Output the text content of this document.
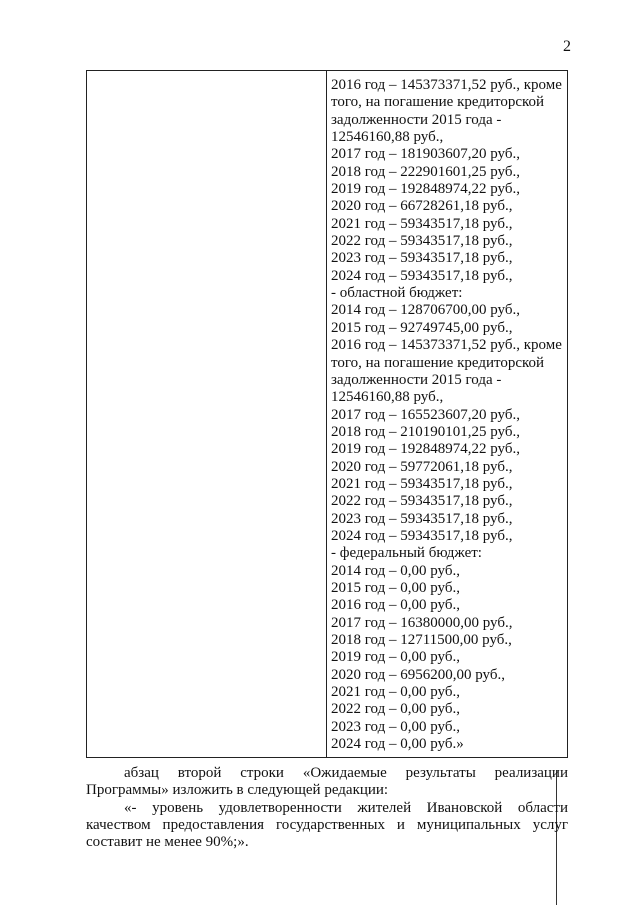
2
2016 год – 145373371,52 руб., кроме
того, на погашение кредиторской
задолженности 2015 года -
12546160,88 руб.,
2017 год – 181903607,20 руб.,
2018 год – 222901601,25 руб.,
2019 год – 192848974,22 руб.,
2020 год – 66728261,18 руб.,
2021 год – 59343517,18 руб.,
2022 год – 59343517,18 руб.,
2023 год – 59343517,18 руб.,
2024 год – 59343517,18 руб.,
- областной бюджет:
2014 год – 128706700,00 руб.,
2015 год – 92749745,00 руб.,
2016 год – 145373371,52 руб., кроме
того, на погашение кредиторской
задолженности 2015 года -
12546160,88 руб.,
2017 год – 165523607,20 руб.,
2018 год – 210190101,25 руб.,
2019 год – 192848974,22 руб.,
2020 год – 59772061,18 руб.,
2021 год – 59343517,18 руб.,
2022 год – 59343517,18 руб.,
2023 год – 59343517,18 руб.,
2024 год – 59343517,18 руб.,
- федеральный бюджет:
2014 год – 0,00 руб.,
2015 год – 0,00 руб.,
2016 год – 0,00 руб.,
2017 год – 16380000,00 руб.,
2018 год – 12711500,00 руб.,
2019 год – 0,00 руб.,
2020 год – 6956200,00 руб.,
2021 год – 0,00 руб.,
2022 год – 0,00 руб.,
2023 год – 0,00 руб.,
2024 год – 0,00 руб.»
абзац второй строки «Ожидаемые результаты реализации
Программы» изложить в следующей редакции:
«- уровень удовлетворенности жителей Ивановской области
качеством предоставления государственных и муниципальных услуг
составит не менее 90%;».
